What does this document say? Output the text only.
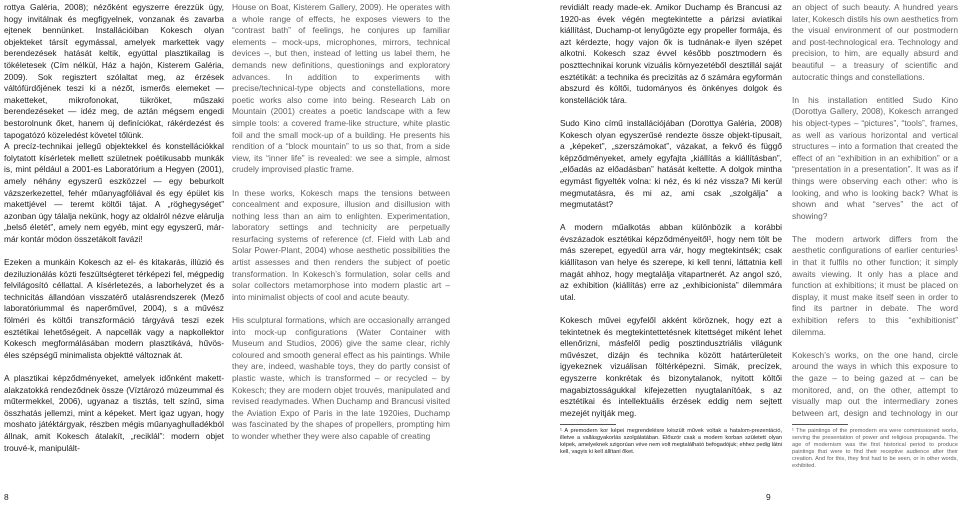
rottya Galéria, 2008); nézőként egyszerre érezzük úgy, hogy invitálnak és megfigyelnek, vonzanak és zavarba ejtenek bennünket. Installációiban Kokesch olyan objekteket társít egymással, amelyek markettek vagy berendezések hatását keltik, egyúttal plasztikailag is tökéletesek (Cím nélkül, Ház a hajón, Kisterem Galéria, 2009). Sok regisztert szólaltat meg, az érzések váltófürdőjének teszi ki a nézőt, ismerős elemeket — maketteket, mikrofonokat, tükröket, műszaki berendezéseket — idéz meg, de aztán mégsem engedi bestorolnunk őket, hanem új definíciókat, rákérdezést és tapogatózó közeledést követel tőlünk.

A precíz-technikai jellegű objektekkel és konstellációkkal folytatott kísérletek mellett születnek poétikusabb munkák is, mint például a 2001-es Laboratórium a Hegyen (2001), amely néhány egyszerű eszközzel — egy beburkolt vázszerkezettel, fehér műanyagfóliával és egy épület kis makettjével — teremt költői tájat. A „röghegységet” azonban úgy tálalja nekünk, hogy az oldalról nézve elárulja „belső életét”, amely nem egyéb, mint egy egyszerű, már-már kontár módon összetákolt favázi!

Ezeken a munkáin Kokesch az el- és kitakarás, illúzió és deziluzionálás közti feszültségteret térképezi fel, mégpedig felvilágosító céllattal. A kísérletezés, a laborhelyzet és a technicitás állandóan visszatérő utalásrendszerek (Mező laboratóriummal és naperőművel, 2004), s a művész fölméri és költői transzformáció tárgyává teszi ezek esztétikai lehetőségeit. A napcellák vagy a napkollektor Kokesch megformálásában modern plasztikává, hűvös-éles szépségű minimalista objektté változnak át.

A plasztikai képződményeket, amelyek időnként makett-alakzatokká rendeződnek össze (Víztározó múzeummal és műtermekkel, 2006), ugyanaz a tisztás, telt színű, sima összhatás jellemzi, mint a képeket. Mert igaz ugyan, hogy moshato játéktárgyak, részben mégis műanyaghulladékból állnak, amit Kokesch átalakít, „reciklál”: modern objet trouvé-k, manipulált-

House on Boat, Kisterem Gallery, 2009). He operates with a whole range of effects, he exposes viewers to the “contrast bath” of feelings, he conjures up familiar elements – mock-ups, microphones, mirrors, technical devices –, but then, instead of letting us label them, he demands new definitions, questionings and exploratory advances. In addition to experiments with precise/technical-type objects and constellations, more poetic works also come into being. Research Lab on Mountain (2001) creates a poetic landscape with a few simple tools: a covered frame-like structure, white plastic foil and the small mock-up of a building. He presents his rendition of a “block mountain” to us so that, from a side view, its “inner life” is revealed: we see a simple, almost crudely improvised plastic frame.

In these works, Kokesch maps the tensions between concealment and exposure, illusion and disillusion with nothing less than an aim to enlighten. Experimentation, laboratory settings and technicity are perpetually resurfacing systems of reference (cf. Field with Lab and Solar Power-Plant, 2004) whose aesthetic possibilities the artist assesses and then renders the subject of poetic transformation. In Kokesch’s formulation, solar cells and solar collectors metamorphose into modern plastic art – into minimalist objects of cool and acute beauty.

His sculptural formations, which are occasionally arranged into mock-up configurations (Water Container with Museum and Studios, 2006) give the same clear, richly coloured and smooth general effect as his paintings. While they are, indeed, washable toys, they do partly consist of plastic waste, which is transformed – or recycled – by Kokesch; they are modern objet trouvés, manipulated and revised readymades. When Duchamp and Brancusi visited the Aviation Expo of Paris in the late 1920ies, Duchamp was fascinated by the shapes of propellers, prompting him to wonder whether they were also capable of creating

8

revidiált ready made-ek. Amikor Duchamp és Brancusi az 1920-as évek végén megtekintette a párizsi aviatikai kiállítást, Duchamp-ot lenyűgözte egy propeller formája, és azt kérdezte, hogy vajon ők is tudnának-e ilyen szépet alkotni. Kokesch szaz évvel később posztmodern és poszttechnikai korunk vizuális környezetéből desztillál saját esztétikát: a technika és precizitás az ő számára egyformán abszurd és költői, tudományos és önkényes dolgok és konstellációk tára.

Sudo Kino című installációjában (Dorottya Galéria, 2008) Kokesch olyan egyszerűsé rendezte össze objekt-típusait, a „képeket”, „szerszámokat”, vázakat, a fekvő és függő képződményeket, amely egyfajta „kiállítás a kiállításban”, „előadás az előadásban” hatását keltette. A dolgok mintha egymást figyelték volna: ki néz, és ki néz vissza? Mi kerül megmutatásra, és mi az, ami csak „szolgálja” a megmutatást?

A modern műalkotás abban különbözik a korábbi évszázadok esztétikai képződményeitől¹, hogy nem tölt be más szerepet, egyedül arra vár, hogy megtekintsék; csak kiállítason van helye és szerepe, ki kell tenni, láttatnia kell magát ahhoz, hogy megtalálja vitapartnerét. Az angol szó, az exhibition (kiállítás) erre az „exhibicionista” dilemmára utal.

Kokesch művei egyfelől akként köröznek, hogy ezt a tekintetnek és megtekintettetésnek kitettséget miként lehet ellenőrizni, másfelől pedig posztindusztriális világunk művészet, dizájn és technika között határterületeit igyekeznek vizuálisan föltérképezni. Simák, precízek, egyszerre konkrétak és bizonytalanok, nyitott költői magabiztosságukkal kifejezetten nyugtalanítóak, s az esztétikai és intellektuális érzések eddig nem sejtett mezejét nyitják meg.

¹ A premodern kor képei megrendelésre készült művek voltak a hatalom-prezentáció, illetve a vallásgyakorlás szolgálatában. Először csak a modern korban született olyan képek, amelyeknek szigorúan véve nem volt megtalálható befogadójuk; ehhez pedig látni kell, vagyis ki kell állítani őket.

an object of such beauty. A hundred years later, Kokesch distils his own aesthetics from the visual environment of our postmodern and post-technological era. Technology and precision, to him, are equally absurd and beautiful – a treasury of scientific and autocratic things and constellations.

In his installation entitled Sudo Kino (Dorottya Gallery, 2008), Kokesch arranged his object-types – “pictures”, “tools”, frames, as well as various horizontal and vertical structures – into a formation that created the effect of an “exhibition in an exhibition” or a “presentation in a presentation”. It was as if things were observing each other: who is looking, and who is looking back? What is shown and what “serves” the act of showing?

The modern artwork differs from the aesthetic configurations of earlier centuries¹ in that it fulfils no other function; it simply awaits viewing. It only has a place and function at exhibitions; it must be placed on display, it must make itself seen in order to find its partner in debate. The word exhibition refers to this “exhibitionist” dilemma.

Kokesch’s works, on the one hand, circle around the ways in which this exposure to the gaze – to being gazed at – can be monitored, and, on the other, attempt to visually map out the intermediary zones between art, design and technology in our

¹ The paintings of the premodern era were commissioned works, serving the presentation of power and religious propaganda. The age of modernism was the first historical period to produce paintings that were to find their receptive audience after their creation. And for this, they first had to be seen, or in other words, exhibited.
9
